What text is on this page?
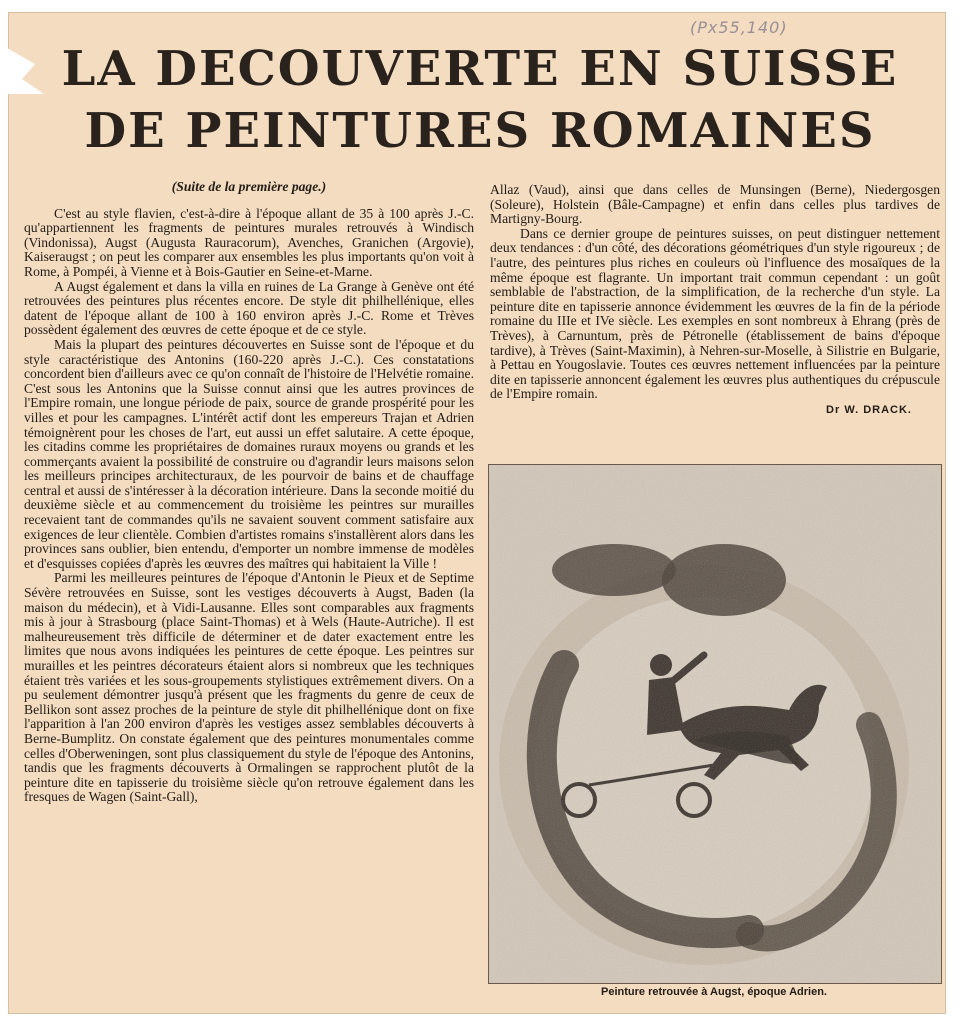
(Px55,140)
LA DECOUVERTE EN SUISSE
DE PEINTURES ROMAINES

(Suite de la première page.)

C'est au style flavien, c'est-à-dire à l'époque allant de 35 à 100 après J.-C. qu'appartiennent les fragments de peintures murales retrouvés à Windisch (Vindonissa), Augst (Augusta Rauracorum), Avenches, Granichen (Argovie), Kaiseraugst ; on peut les comparer aux ensembles les plus importants qu'on voit à Rome, à Pompéi, à Vienne et à Bois-Gautier en Seine-et-Marne.

A Augst également et dans la villa en ruines de La Grange à Genève ont été retrouvées des peintures plus récentes encore. De style dit philhellénique, elles datent de l'époque allant de 100 à 160 environ après J.-C. Rome et Trèves possèdent également des œuvres de cette époque et de ce style.

Mais la plupart des peintures découvertes en Suisse sont de l'époque et du style caractéristique des Antonins (160-220 après J.-C.). Ces constatations concordent bien d'ailleurs avec ce qu'on connaît de l'histoire de l'Helvétie romaine. C'est sous les Antonins que la Suisse connut ainsi que les autres provinces de l'Empire romain, une longue période de paix, source de grande prospérité pour les villes et pour les campagnes. L'intérêt actif dont les empereurs Trajan et Adrien témoignèrent pour les choses de l'art, eut aussi un effet salutaire. A cette époque, les citadins comme les propriétaires de domaines ruraux moyens ou grands et les commerçants avaient la possibilité de construire ou d'agrandir leurs maisons selon les meilleurs principes architecturaux, de les pourvoir de bains et de chauffage central et aussi de s'intéresser à la décoration intérieure. Dans la seconde moitié du deuxième siècle et au commencement du troisième les peintres sur murailles recevaient tant de commandes qu'ils ne savaient souvent comment satisfaire aux exigences de leur clientèle. Combien d'artistes romains s'installèrent alors dans les provinces sans oublier, bien entendu, d'emporter un nombre immense de modèles et d'esquisses copiées d'après les œuvres des maîtres qui habitaient la Ville !

Parmi les meilleures peintures de l'époque d'Antonin le Pieux et de Septime Sévère retrouvées en Suisse, sont les vestiges découverts à Augst, Baden (la maison du médecin), et à Vidi-Lausanne. Elles sont comparables aux fragments mis à jour à Strasbourg (place Saint-Thomas) et à Wels (Haute-Autriche). Il est malheureusement très difficile de déterminer et de dater exactement entre les limites que nous avons indiquées les peintures de cette époque. Les peintres sur murailles et les peintres décorateurs étaient alors si nombreux que les techniques étaient très variées et les sous-groupements stylistiques extrêmement divers. On a pu seulement démontrer jusqu'à présent que les fragments du genre de ceux de Bellikon sont assez proches de la peinture de style dit philhellénique dont on fixe l'apparition à l'an 200 environ d'après les vestiges assez semblables découverts à Berne-Bumplitz. On constate également que des peintures monumentales comme celles d'Oberweningen, sont plus classiquement du style de l'époque des Antonins, tandis que les fragments découverts à Ormalingen se rapprochent plutôt de la peinture dite en tapisserie du troisième siècle qu'on retrouve également dans les fresques de Wagen (Saint-Gall),

Allaz (Vaud), ainsi que dans celles de Munsingen (Berne), Niedergosgen (Soleure), Holstein (Bâle-Campagne) et enfin dans celles plus tardives de Martigny-Bourg.

Dans ce dernier groupe de peintures suisses, on peut distinguer nettement deux tendances : d'un côté, des décorations géométriques d'un style rigoureux ; de l'autre, des peintures plus riches en couleurs où l'influence des mosaïques de la même époque est flagrante. Un important trait commun cependant : un goût semblable de l'abstraction, de la simplification, de la recherche d'un style. La peinture dite en tapisserie annonce évidemment les œuvres de la fin de la période romaine du IIIe et IVe siècle. Les exemples en sont nombreux à Ehrang (près de Trèves), à Carnuntum, près de Pétronelle (établissement de bains d'époque tardive), à Trèves (Saint-Maximin), à Nehren-sur-Moselle, à Silistrie en Bulgarie, à Pettau en Yougoslavie. Toutes ces œuvres nettement influencées par la peinture dite en tapisserie annoncent également les œuvres plus authentiques du crépuscule de l'Empire romain.

Dr W. DRACK.

Peinture retrouvée à Augst, époque Adrien.
